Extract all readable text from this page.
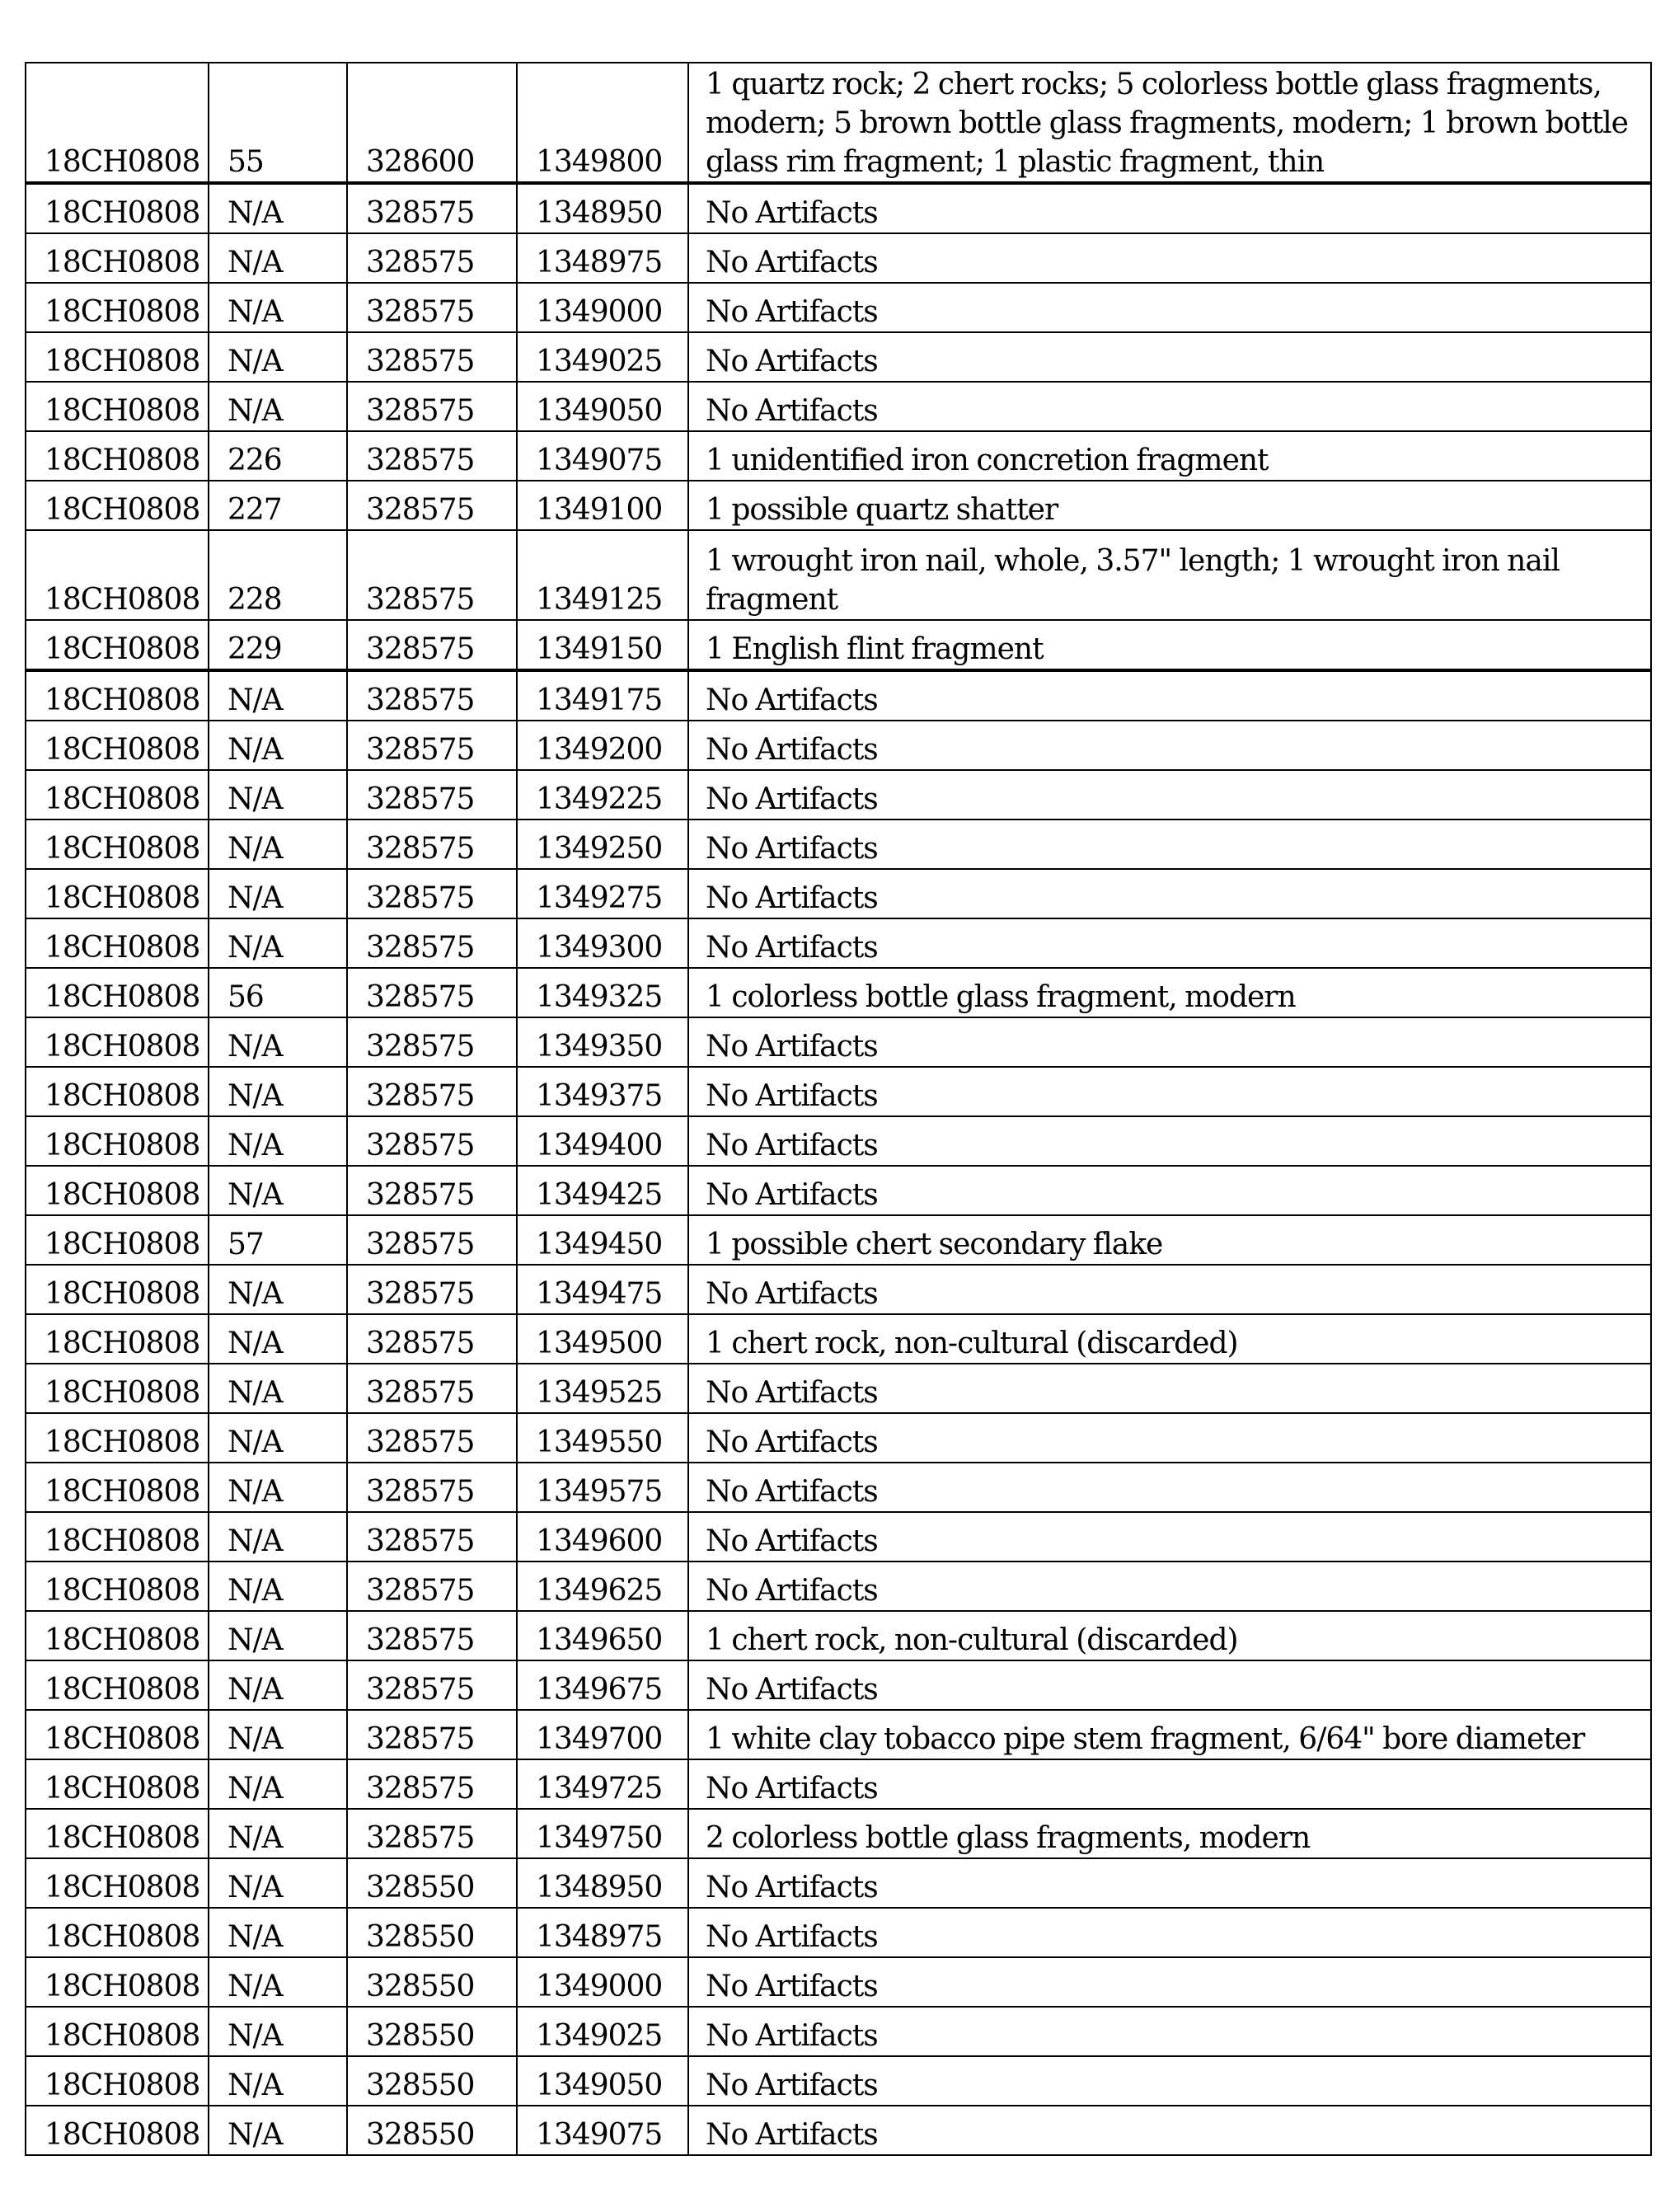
18CH0808	55	328600	1349800	1 quartz rock; 2 chert rocks; 5 colorless bottle glass fragments, modern; 5 brown bottle glass fragments, modern; 1 brown bottle glass rim fragment; 1 plastic fragment, thin
18CH0808	N/A	328575	1348950	No Artifacts
18CH0808	N/A	328575	1348975	No Artifacts
18CH0808	N/A	328575	1349000	No Artifacts
18CH0808	N/A	328575	1349025	No Artifacts
18CH0808	N/A	328575	1349050	No Artifacts
18CH0808	226	328575	1349075	1 unidentified iron concretion fragment
18CH0808	227	328575	1349100	1 possible quartz shatter
18CH0808	228	328575	1349125	1 wrought iron nail, whole, 3.57" length; 1 wrought iron nail fragment
18CH0808	229	328575	1349150	1 English flint fragment
18CH0808	N/A	328575	1349175	No Artifacts
18CH0808	N/A	328575	1349200	No Artifacts
18CH0808	N/A	328575	1349225	No Artifacts
18CH0808	N/A	328575	1349250	No Artifacts
18CH0808	N/A	328575	1349275	No Artifacts
18CH0808	N/A	328575	1349300	No Artifacts
18CH0808	56	328575	1349325	1 colorless bottle glass fragment, modern
18CH0808	N/A	328575	1349350	No Artifacts
18CH0808	N/A	328575	1349375	No Artifacts
18CH0808	N/A	328575	1349400	No Artifacts
18CH0808	N/A	328575	1349425	No Artifacts
18CH0808	57	328575	1349450	1 possible chert secondary flake
18CH0808	N/A	328575	1349475	No Artifacts
18CH0808	N/A	328575	1349500	1 chert rock, non-cultural (discarded)
18CH0808	N/A	328575	1349525	No Artifacts
18CH0808	N/A	328575	1349550	No Artifacts
18CH0808	N/A	328575	1349575	No Artifacts
18CH0808	N/A	328575	1349600	No Artifacts
18CH0808	N/A	328575	1349625	No Artifacts
18CH0808	N/A	328575	1349650	1 chert rock, non-cultural (discarded)
18CH0808	N/A	328575	1349675	No Artifacts
18CH0808	N/A	328575	1349700	1 white clay tobacco pipe stem fragment, 6/64" bore diameter
18CH0808	N/A	328575	1349725	No Artifacts
18CH0808	N/A	328575	1349750	2 colorless bottle glass fragments, modern
18CH0808	N/A	328550	1348950	No Artifacts
18CH0808	N/A	328550	1348975	No Artifacts
18CH0808	N/A	328550	1349000	No Artifacts
18CH0808	N/A	328550	1349025	No Artifacts
18CH0808	N/A	328550	1349050	No Artifacts
18CH0808	N/A	328550	1349075	No Artifacts
